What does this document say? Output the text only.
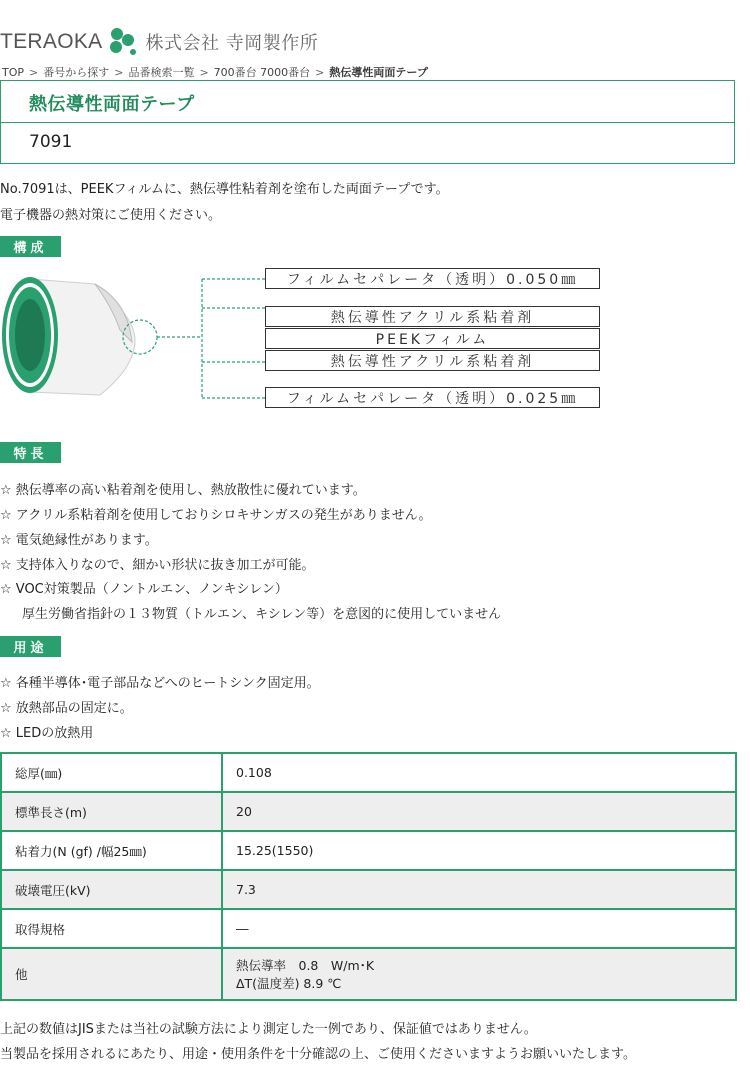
TERAOKA 株式会社 寺岡製作所
TOP > 番号から探す > 品番検索一覧 > 700番台 7000番台 > 熱伝導性両面テープ
熱伝導性両面テープ
7091
No.7091は、PEEKフィルムに、熱伝導性粘着剤を塗布した両面テープです。
電子機器の熱対策にご使用ください。
構成
フィルムセパレータ（透明）0.050㎜
熱伝導性アクリル系粘着剤
PEEKフィルム
熱伝導性アクリル系粘着剤
フィルムセパレータ（透明）0.025㎜
特長
☆ 熱伝導率の高い粘着剤を使用し、熱放散性に優れています。
☆ アクリル系粘着剤を使用しておりシロキサンガスの発生がありません。
☆ 電気絶縁性があります。
☆ 支持体入りなので、細かい形状に抜き加工が可能。
☆ VOC対策製品（ノントルエン、ノンキシレン）
厚生労働省指針の１３物質（トルエン、キシレン等）を意図的に使用していません
用途
☆ 各種半導体･電子部品などへのヒートシンク固定用。
☆ 放熱部品の固定に。
☆ LEDの放熱用
総厚(㎜)	0.108
標準長さ(m)	20
粘着力(N (gf) /幅25㎜)	15.25(1550)
破壊電圧(kV)	7.3
取得規格	―
他	熱伝導率　0.8　W/m･K
ΔT(温度差) 8.9 ℃
上記の数値はJISまたは当社の試験方法により測定した一例であり、保証値ではありません。
当製品を採用されるにあたり、用途・使用条件を十分確認の上、ご使用くださいますようお願いいたします。
